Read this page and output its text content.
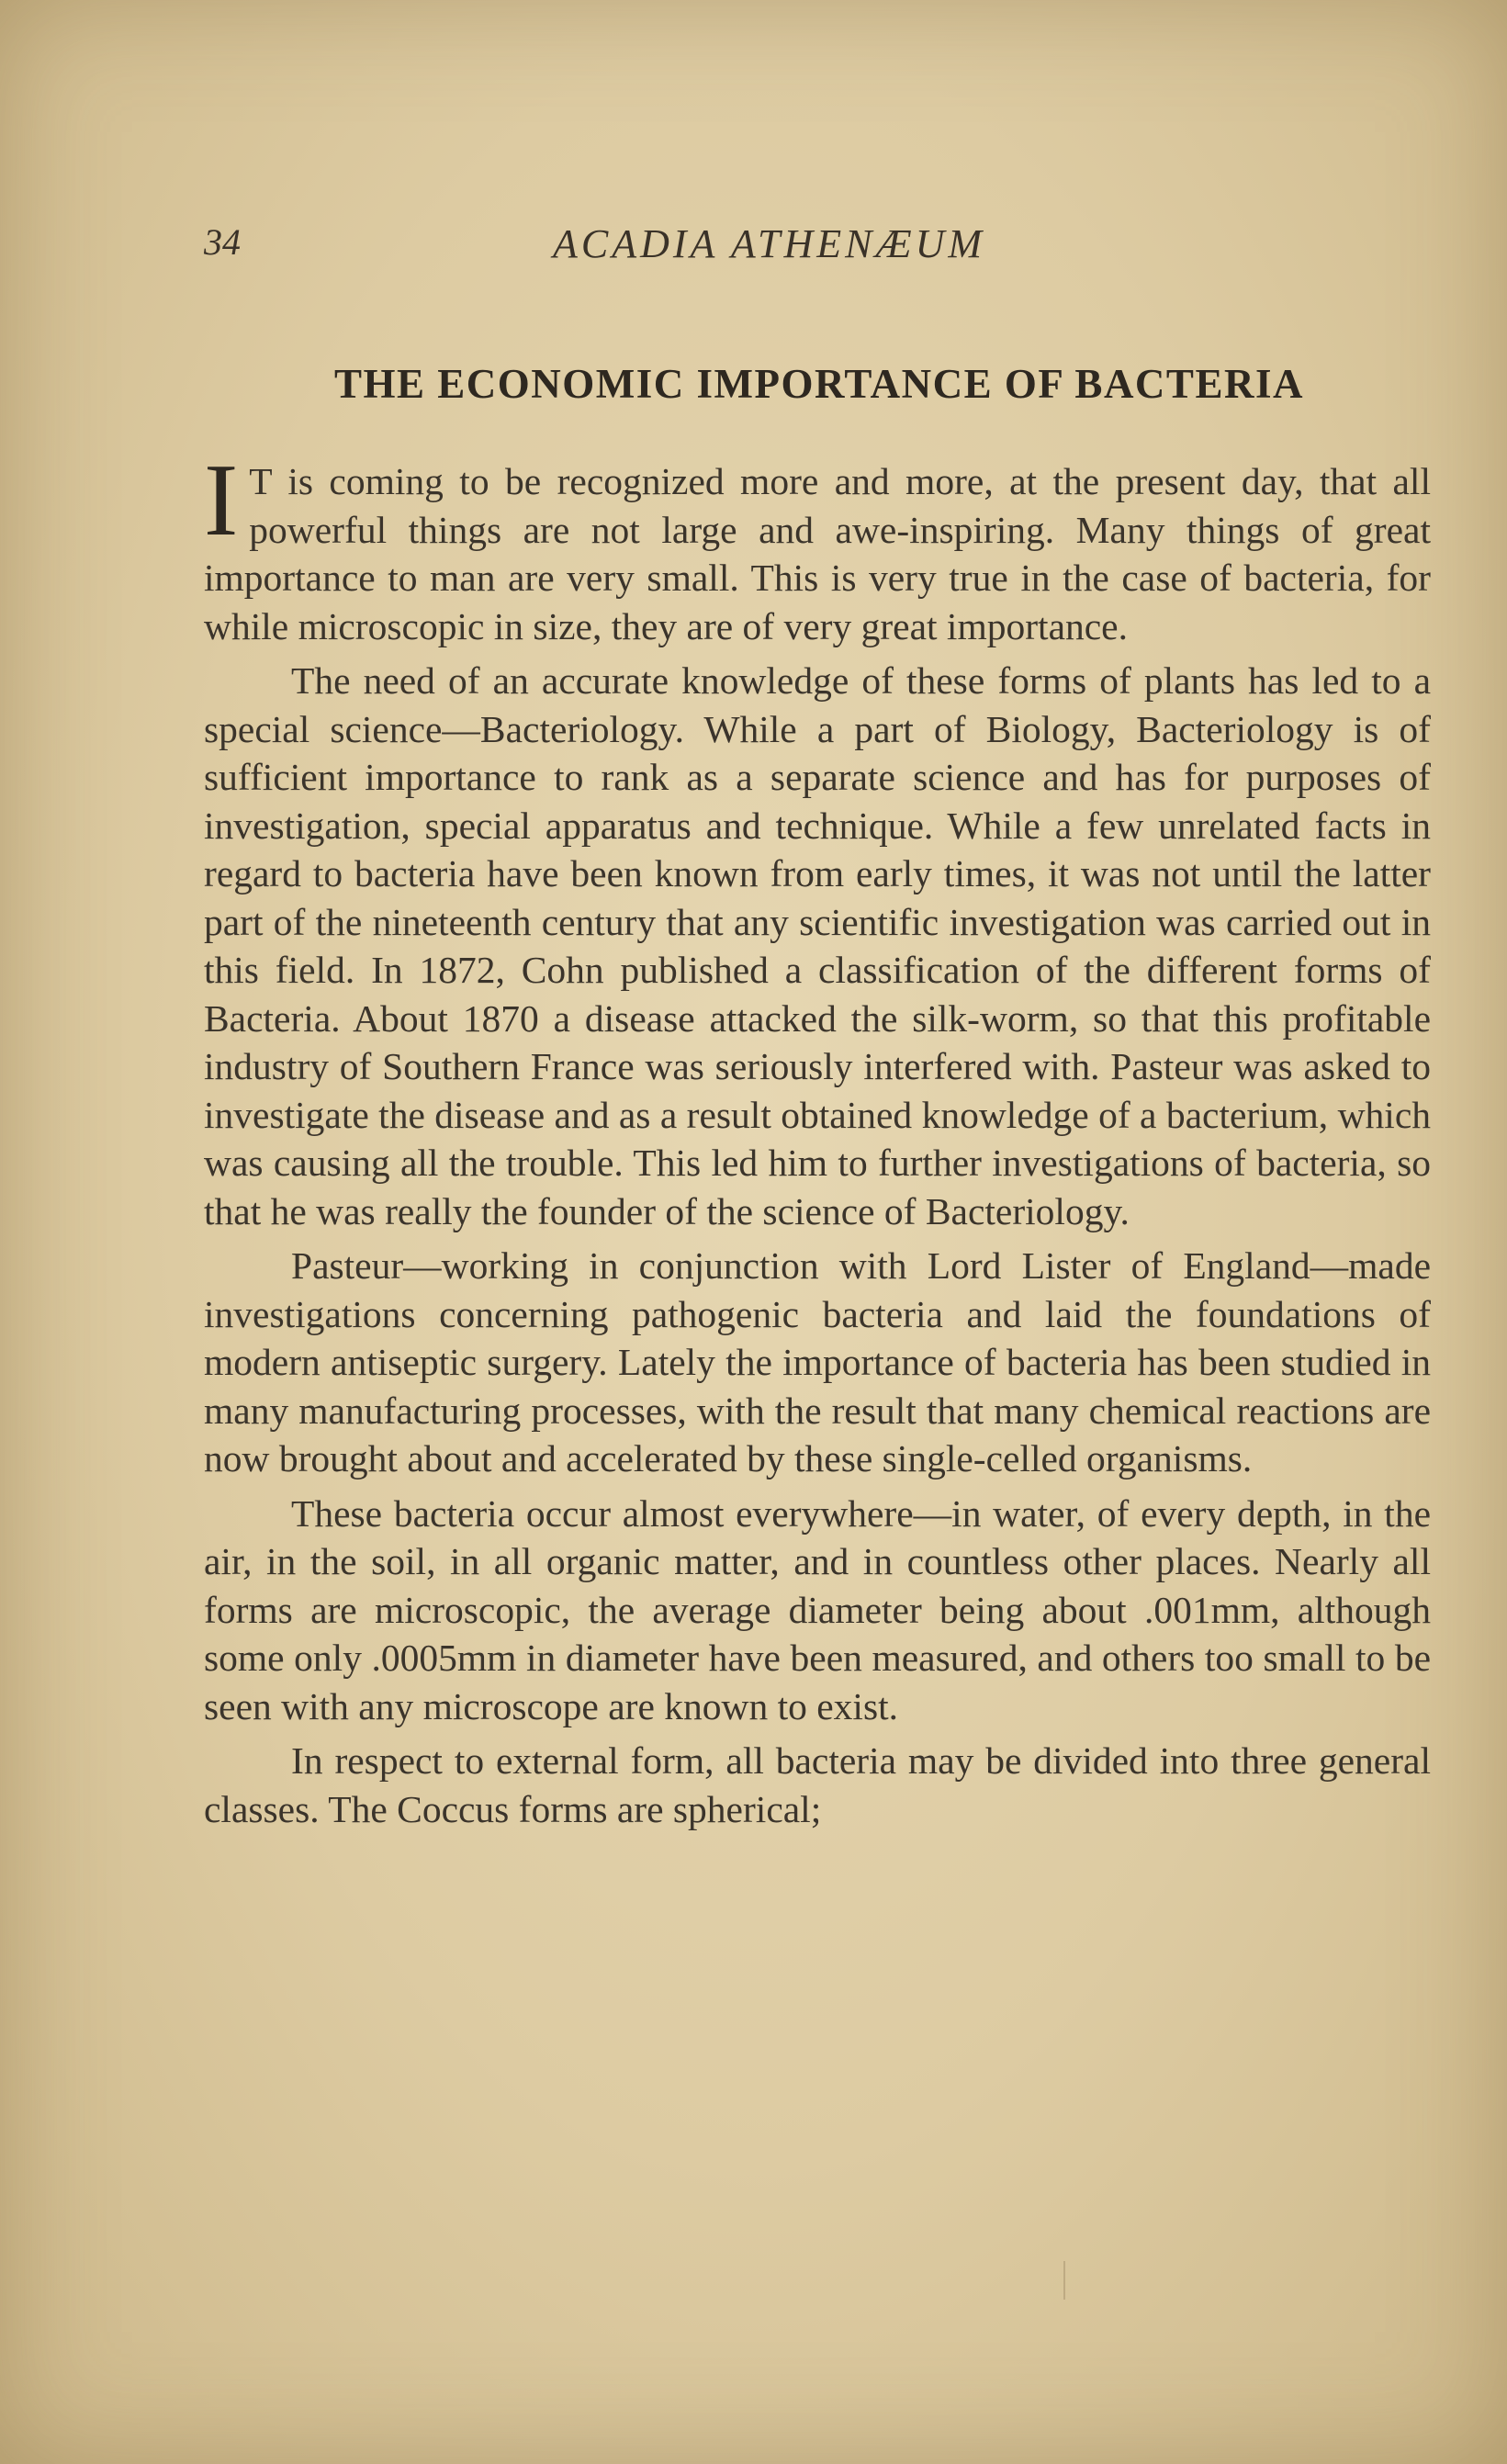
34	ACADIA ATHENÆUM
THE ECONOMIC IMPORTANCE OF BACTERIA

I T is coming to be recognized more and more, at the present day, that all powerful things are not large and awe-inspiring. Many things of great importance to man are very small. This is very true in the case of bacteria, for while microscopic in size, they are of very great importance.

The need of an accurate knowledge of these forms of plants has led to a special science—Bacteriology. While a part of Biology, Bacteriology is of sufficient importance to rank as a separate science and has for purposes of investigation, special apparatus and technique. While a few unrelated facts in regard to bacteria have been known from early times, it was not until the latter part of the nineteenth century that any scientific investigation was carried out in this field. In 1872, Cohn published a classification of the different forms of Bacteria. About 1870 a disease attacked the silk-worm, so that this profitable industry of Southern France was seriously interfered with. Pasteur was asked to investigate the disease and as a result obtained knowledge of a bacterium, which was causing all the trouble. This led him to further investigations of bacteria, so that he was really the founder of the science of Bacteriology.

Pasteur—working in conjunction with Lord Lister of England—made investigations concerning pathogenic bacteria and laid the foundations of modern antiseptic surgery. Lately the importance of bacteria has been studied in many manufacturing processes, with the result that many chemical reactions are now brought about and accelerated by these single-celled organisms.

These bacteria occur almost everywhere—in water, of every depth, in the air, in the soil, in all organic matter, and in countless other places. Nearly all forms are microscopic, the average diameter being about .001mm, although some only .0005mm in diameter have been measured, and others too small to be seen with any microscope are known to exist.

In respect to external form, all bacteria may be divided into three general classes. The Coccus forms are spherical;
